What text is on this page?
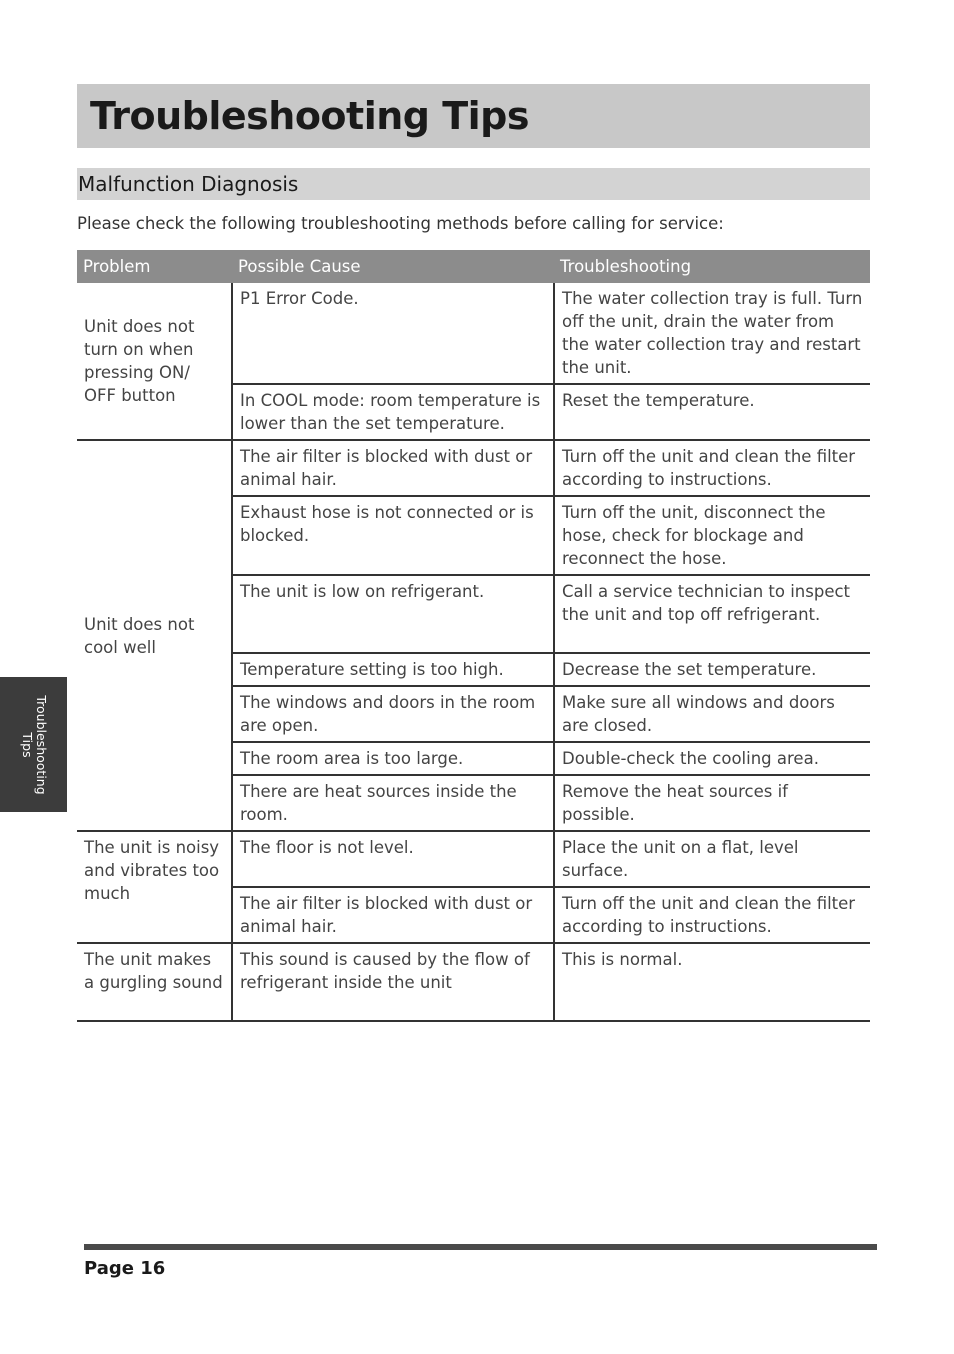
Troubleshooting Tips
Malfunction Diagnosis
Please check the following troubleshooting methods before calling for service:
Problem	Possible Cause	Troubleshooting
Unit does not turn on when pressing ON/ OFF button	P1 Error Code.	The water collection tray is full. Turn off the unit, drain the water from the water collection tray and restart the unit.
	In COOL mode: room temperature is lower than the set temperature.	Reset the temperature.
Unit does not cool well	The air filter is blocked with dust or animal hair.	Turn off the unit and clean the filter according to instructions.
	Exhaust hose is not connected or is blocked.	Turn off the unit, disconnect the hose, check for blockage and reconnect the hose.
	The unit is low on refrigerant.	Call a service technician to inspect the unit and top off refrigerant.
	Temperature setting is too high.	Decrease the set temperature.
	The windows and doors in the room are open.	Make sure all windows and doors are closed.
	The room area is too large.	Double-check the cooling area.
	There are heat sources inside the room.	Remove the heat sources if possible.
The unit is noisy and vibrates too much	The floor is not level.	Place the unit on a flat, level surface.
	The air filter is blocked with dust or animal hair.	Turn off the unit and clean the filter according to instructions.
The unit makes a gurgling sound	This sound is caused by the flow of refrigerant inside the unit	This is normal.
Troubleshooting
Tips
Page 16
